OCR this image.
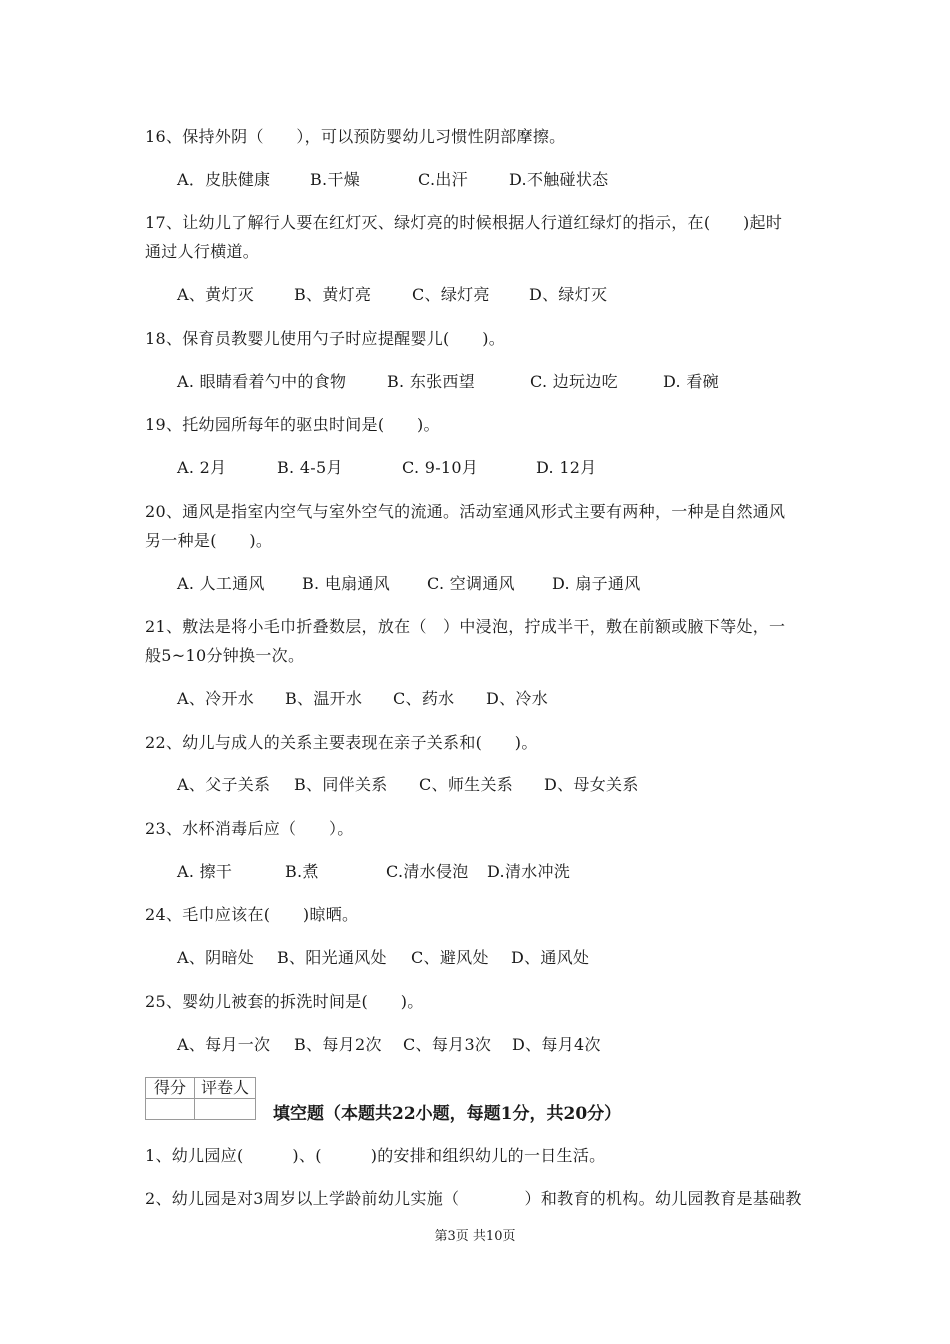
16、保持外阴（　　），可以预防婴幼儿习惯性阴部摩擦。
A．皮肤健康 B.干燥	C.出汗	D.不触碰状态
17、让幼儿了解行人要在红灯灭、绿灯亮的时候根据人行道红绿灯的指示，在(　　)起时
通过人行横道。
A、黄灯灭 B、黄灯亮	C、绿灯亮 D、绿灯灭
18、保育员教婴儿使用勺子时应提醒婴儿(　　)。
A. 眼睛看着勺中的食物	B. 东张西望	C. 边玩边吃	D. 看碗
19、托幼园所每年的驱虫时间是(　　)。
A. 2月	B. 4-5月	C. 9-10月	D. 12月
20、通风是指室内空气与室外空气的流通。活动室通风形式主要有两种，一种是自然通风
另一种是(　　)。
A. 人工通风 B. 电扇通风 C. 空调通风 D. 扇子通风
21、敷法是将小毛巾折叠数层，放在（　）中浸泡，拧成半干，敷在前额或腋下等处，一
般5~10分钟换一次。
A、冷开水 B、温开水 C、药水 D、冷水
22、幼儿与成人的关系主要表现在亲子关系和(　　)。
A、父子关系 B、同伴关系 C、师生关系 D、母女关系
23、水杯消毒后应（　　）。
A. 擦干	B.煮	C.清水侵泡 D.清水冲洗
24、毛巾应该在(　　)晾晒。
A、阴暗处 B、阳光通风处 C、避风处 D、通风处
25、婴幼儿被套的拆洗时间是(　　)。
A、每月一次 B、每月2次 C、每月3次 D、每月4次
得分	评卷人

填空题（本题共22小题，每题1分，共20分）
1、幼儿园应(　　　)、(　　　)的安排和组织幼儿的一日生活。
2、幼儿园是对3周岁以上学龄前幼儿实施（　　　　）和教育的机构。幼儿园教育是基础教
第3页 共10页
